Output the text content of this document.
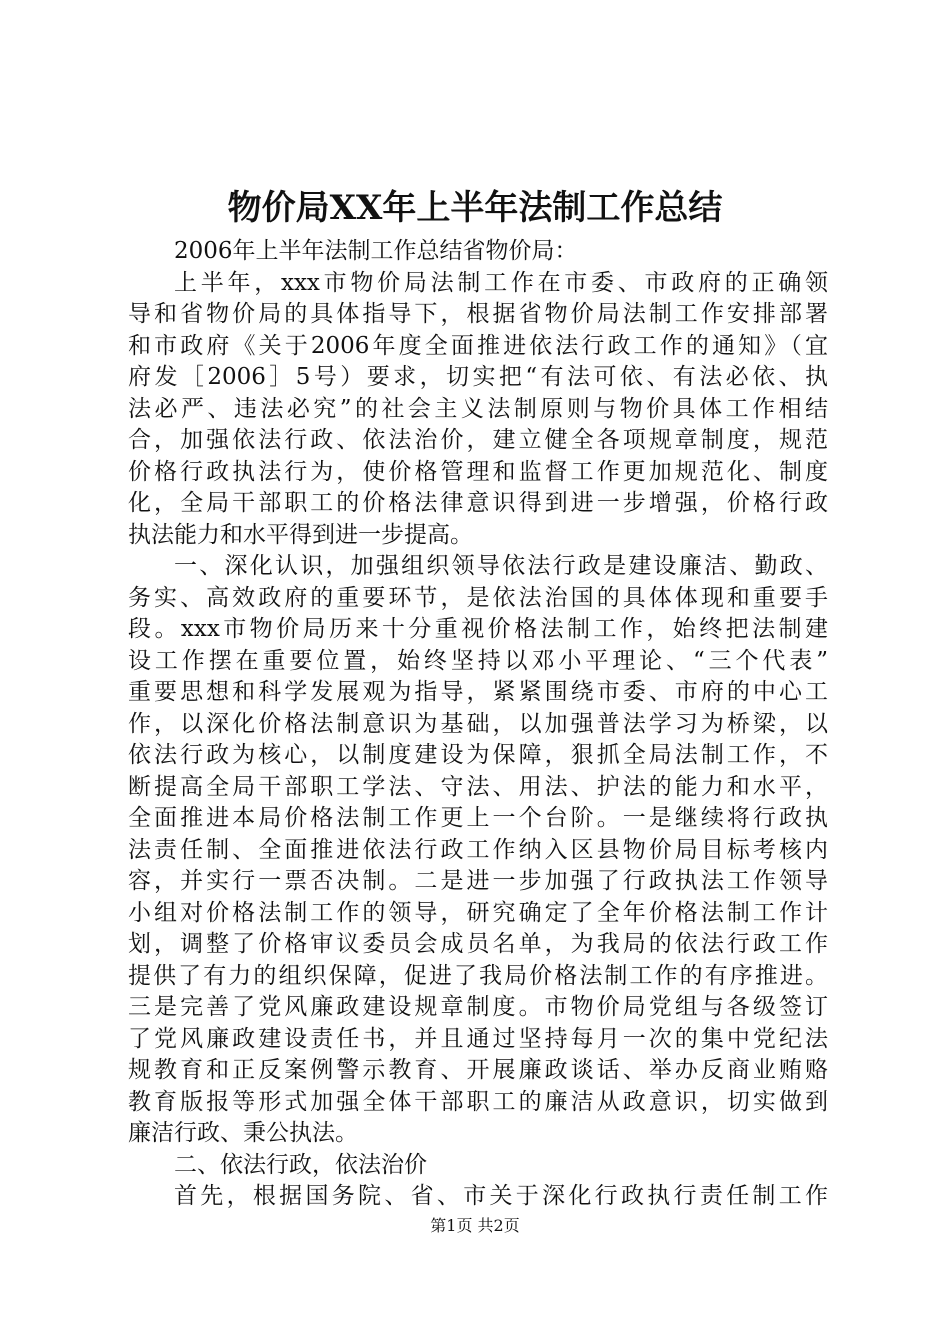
物价局XX年上半年法制工作总结
2006年上半年法制工作总结省物价局：
上半年，xxx市物价局法制工作在市委、市政府的正确领
导和省物价局的具体指导下，根据省物价局法制工作安排部署
和市政府《关于2006年度全面推进依法行政工作的通知》（宜
府发［2006］5号）要求，切实把“有法可依、有法必依、执
法必严、违法必究”的社会主义法制原则与物价具体工作相结
合，加强依法行政、依法治价，建立健全各项规章制度，规范
价格行政执法行为，使价格管理和监督工作更加规范化、制度
化，全局干部职工的价格法律意识得到进一步增强，价格行政
执法能力和水平得到进一步提高。
一、深化认识，加强组织领导依法行政是建设廉洁、勤政、
务实、高效政府的重要环节，是依法治国的具体体现和重要手
段。xxx市物价局历来十分重视价格法制工作，始终把法制建
设工作摆在重要位置，始终坚持以邓小平理论、“三个代表”
重要思想和科学发展观为指导，紧紧围绕市委、市府的中心工
作，以深化价格法制意识为基础，以加强普法学习为桥梁，以
依法行政为核心，以制度建设为保障，狠抓全局法制工作，不
断提高全局干部职工学法、守法、用法、护法的能力和水平，
全面推进本局价格法制工作更上一个台阶。一是继续将行政执
法责任制、全面推进依法行政工作纳入区县物价局目标考核内
容，并实行一票否决制。二是进一步加强了行政执法工作领导
小组对价格法制工作的领导，研究确定了全年价格法制工作计
划，调整了价格审议委员会成员名单，为我局的依法行政工作
提供了有力的组织保障，促进了我局价格法制工作的有序推进。
三是完善了党风廉政建设规章制度。市物价局党组与各级签订
了党风廉政建设责任书，并且通过坚持每月一次的集中党纪法
规教育和正反案例警示教育、开展廉政谈话、举办反商业贿赂
教育版报等形式加强全体干部职工的廉洁从政意识，切实做到
廉洁行政、秉公执法。
二、依法行政，依法治价
首先，根据国务院、省、市关于深化行政执行责任制工作
第1页 共2页
